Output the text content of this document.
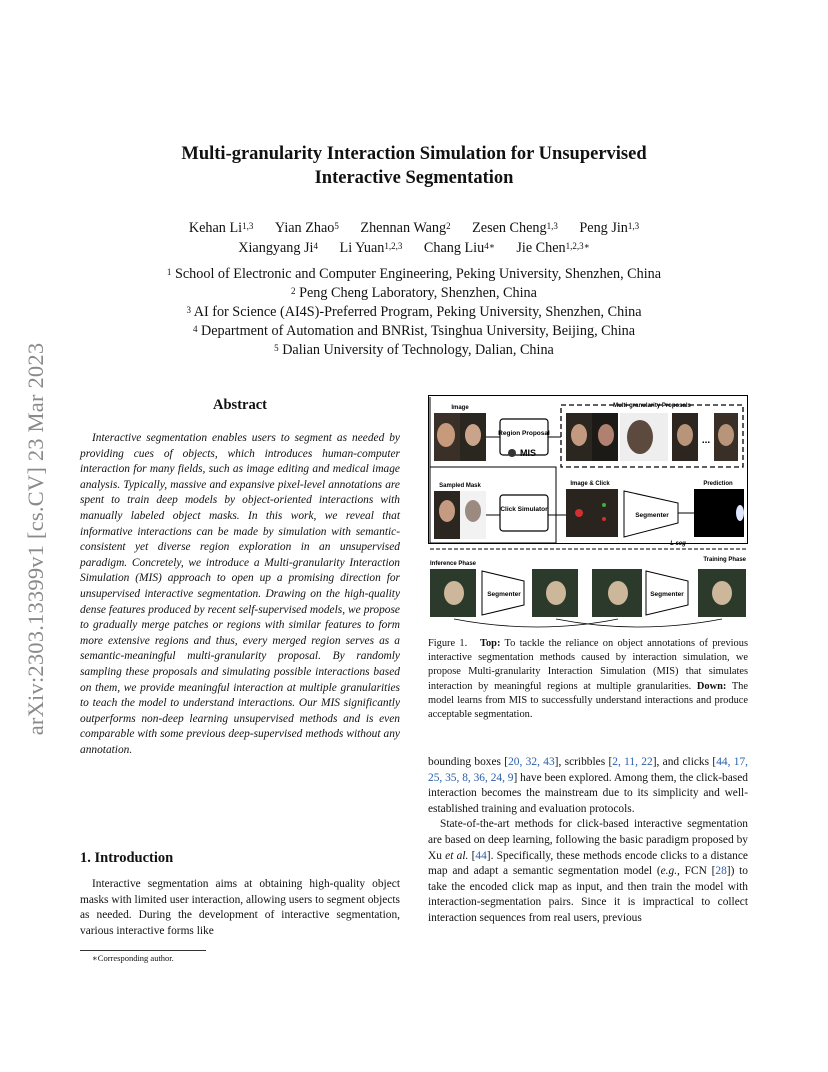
arXiv:2303.13399v1 [cs.CV] 23 Mar 2023
Multi-granularity Interaction Simulation for Unsupervised
Interactive Segmentation
Kehan Li$^{1,3}$ Yian Zhao$^5$ Zhennan Wang$^2$ Zesen Cheng$^{1,3}$ Peng Jin$^{1,3}$
Xiangyang Ji$^4$ Li Yuan$^{1,2,3}$ Chang Liu$^{4∗}$ Jie Chen$^{1,2,3∗}$
$^1$ School of Electronic and Computer Engineering, Peking University, Shenzhen, China
$^2$ Peng Cheng Laboratory, Shenzhen, China
$^3$ AI for Science (AI4S)-Preferred Program, Peking University, Shenzhen, China
$^4$ Department of Automation and BNRist, Tsinghua University, Beijing, China
$^5$ Dalian University of Technology, Dalian, China
Abstract
Interactive segmentation enables users to segment as needed by providing cues of objects, which introduces human-computer interaction for many fields, such as image editing and medical image analysis. Typically, massive and expansive pixel-level annotations are spent to train deep models by object-oriented interactions with manually labeled object masks. In this work, we reveal that informative interactions can be made by simulation with semantic-consistent yet diverse region exploration in an unsupervised paradigm. Concretely, we introduce a Multi-granularity Interaction Simulation (MIS) approach to open up a promising direction for unsupervised interactive segmentation. Drawing on the high-quality dense features produced by recent self-supervised models, we propose to gradually merge patches or regions with similar features to form more extensive regions and thus, every merged region serves as a semantic-meaningful multi-granularity proposal. By randomly sampling these proposals and simulating possible interactions based on them, we provide meaningful interaction at multiple granularities to teach the model to understand interactions. Our MIS significantly outperforms non-deep learning unsupervised methods and is even comparable with some previous deep-supervised methods without any annotation.
1. Introduction
Interactive segmentation aims at obtaining high-quality object masks with limited user interaction, allowing users to segment objects as needed. During the development of interactive segmentation, various interactive forms like
∗Corresponding author.
Image	Multi-granularity Proposals
Region Proposal
...
MIS
Sampled Mask
Click Simulator
Image & Click
Segmenter
L seg
Prediction
Inference Phase
Training Phase
Segmenter	Segmenter
Figure 1. Top: To tackle the reliance on object annotations of previous interactive segmentation methods caused by interaction simulation, we propose Multi-granularity Interaction Simulation (MIS) that simulates interaction by meaningful regions at multiple granularities. Down: The model learns from MIS to successfully understand interactions and produce acceptable segmentation.

bounding boxes [20, 32, 43], scribbles [2, 11, 22], and clicks [44, 17, 25, 35, 8, 36, 24, 9] have been explored. Among them, the click-based interaction becomes the mainstream due to its simplicity and well-established training and evaluation protocols.

State-of-the-art methods for click-based interactive segmentation are based on deep learning, following the basic paradigm proposed by Xu et al. [44]. Specifically, these methods encode clicks to a distance map and adapt a semantic segmentation model (e.g., FCN [28]) to take the encoded click map as input, and then train the model with interaction-segmentation pairs. Since it is impractical to collect interaction sequences from real users, previous
